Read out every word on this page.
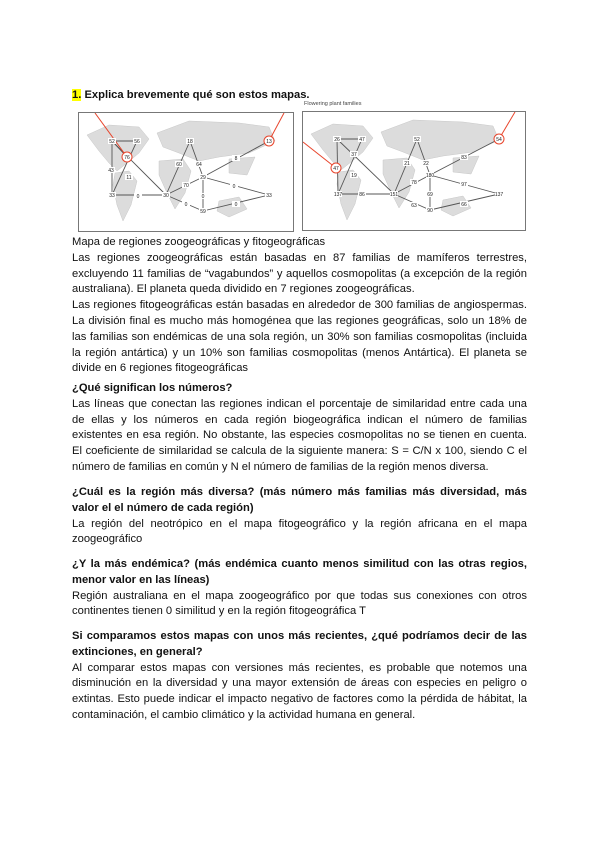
1. Explica brevemente qué son estos mapas.
52	56
76
43
11
33	0	30
18
60	64
29
70
0
59
0
8
13
33
0
0
Flowering plant families
26	47
37
47
19
137	86	151
52
21	22
180
78
69
63
90
83
54
97
66
137

Mapa de regiones zoogeográficas y fitogeográficas

Las regiones zoogeográficas están basadas en 87 familias de mamíferos terrestres, excluyendo 11 familias de “vagabundos” y aquellos cosmopolitas (a excepción de la región australiana). El planeta queda dividido en 7 regiones zoogeográficas.

Las regiones fitogeográficas están basadas en alrededor de 300 familias de angiospermas. La división final es mucho más homogénea que las regiones geográficas, solo un 18% de las familias son endémicas de una sola región, un 30% son familias cosmopolitas (incluida la región antártica) y un 10% son familias cosmopolitas (menos Antártica). El planeta se divide en 6 regiones fitogeográficas

¿Qué significan los números?

Las líneas que conectan las regiones indican el porcentaje de similaridad entre cada una de ellas y los números en cada región biogeográfica indican el número de familias existentes en esa región. No obstante, las especies cosmopolitas no se tienen en cuenta. El coeficiente de similaridad se calcula de la siguiente manera: S = C/N x 100, siendo C el número de familias en común y N el número de familias de la región menos diversa.

¿Cuál es la región más diversa? (más número más familias más diversidad, más valor el el número de cada región)

La región del neotrópico en el mapa fitogeográfico y la región africana en el mapa zoogeográfico

¿Y la más endémica? (más endémica cuanto menos similitud con las otras regios, menor valor en las líneas)

Región australiana en el mapa zoogeográfico por que todas sus conexiones con otros continentes tienen 0 similitud y en la región fitogeográfica T

Si comparamos estos mapas con unos más recientes, ¿qué podríamos decir de las extinciones, en general?

Al comparar estos mapas con versiones más recientes, es probable que notemos una disminución en la diversidad y una mayor extensión de áreas con especies en peligro o extintas. Esto puede indicar el impacto negativo de factores como la pérdida de hábitat, la contaminación, el cambio climático y la actividad humana en general.
